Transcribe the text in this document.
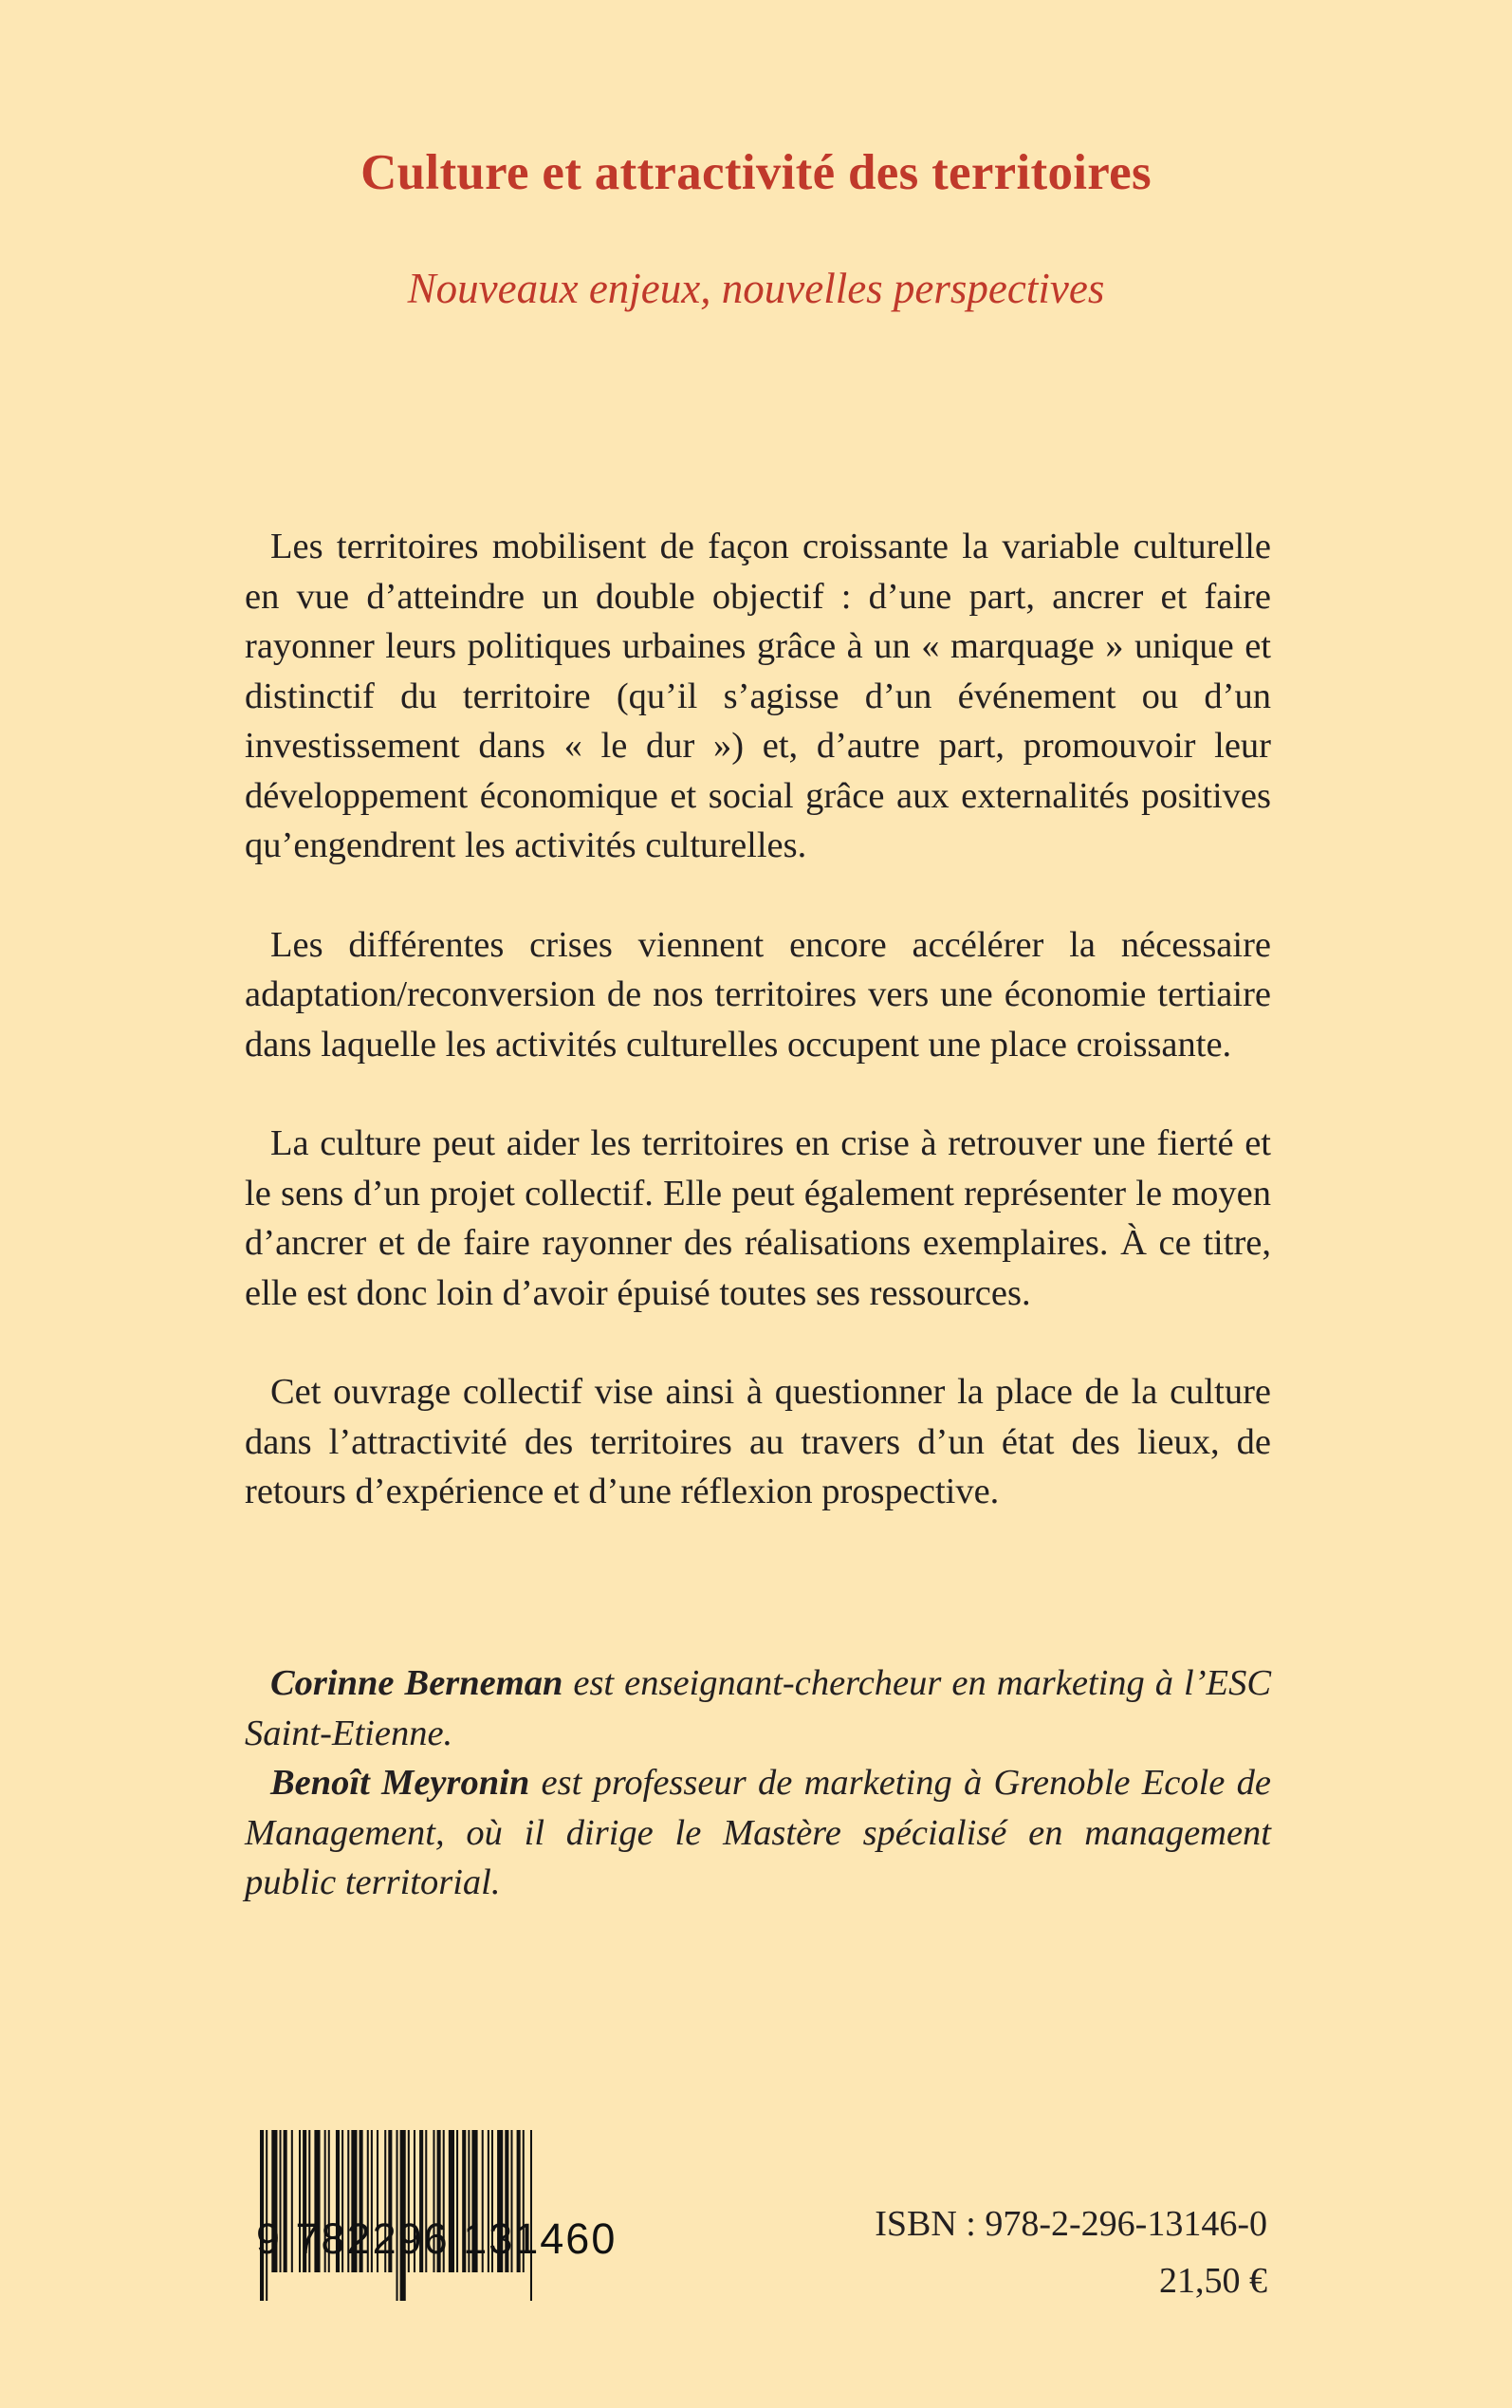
Culture et attractivité des territoires
Nouveaux enjeux, nouvelles perspectives

Les territoires mobilisent de façon croissante la variable culturelle en vue d’atteindre un double objectif : d’une part, ancrer et faire rayonner leurs politiques urbaines grâce à un « marquage » unique et distinctif du territoire (qu’il s’agisse d’un événement ou d’un investissement dans « le dur ») et, d’autre part, promouvoir leur développement économique et social grâce aux externalités positives qu’engendrent les activités culturelles.

Les différentes crises viennent encore accélérer la nécessaire adaptation/reconversion de nos territoires vers une économie tertiaire dans laquelle les activités culturelles occupent une place croissante.

La culture peut aider les territoires en crise à retrouver une fierté et le sens d’un projet collectif. Elle peut également représenter le moyen d’ancrer et de faire rayonner des réalisations exemplaires. À ce titre, elle est donc loin d’avoir épuisé toutes ses ressources.

Cet ouvrage collectif vise ainsi à questionner la place de la culture dans l’attractivité des territoires au travers d’un état des lieux, de retours d’expérience et d’une réflexion prospective.

Corinne Berneman est enseignant-chercheur en marketing à l’ESC Saint-Etienne.

Benoît Meyronin est professeur de marketing à Grenoble Ecole de Management, où il dirige le Mastère spécialisé en management public territorial.

9 782296 131460	ISBN : 978-2-296-13146-0
21,50 €
